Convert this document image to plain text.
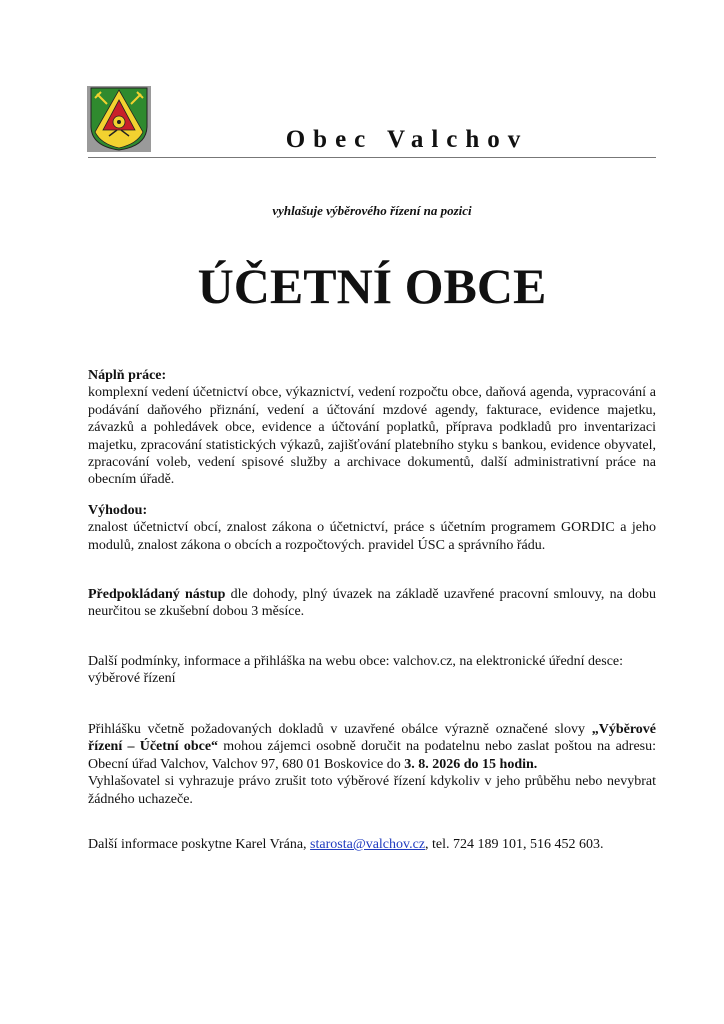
Obec Valchov
vyhlašuje výběrového řízení na pozici
ÚČETNÍ OBCE
Náplň práce:

komplexní vedení účetnictví obce, výkaznictví, vedení rozpočtu obce, daňová agenda, vypracování a podávání daňového přiznání, vedení a účtování mzdové agendy, fakturace, evidence majetku, závazků a pohledávek obce, evidence a účtování poplatků, příprava podkladů pro inventarizaci majetku, zpracování statistických výkazů, zajišťování platebního styku s bankou, evidence obyvatel, zpracování voleb, vedení spisové služby a archivace dokumentů, další administrativní práce na obecním úřadě.

Výhodou:

znalost účetnictví obcí, znalost zákona o účetnictví, práce s účetním programem GORDIC a jeho modulů, znalost zákona o obcích a rozpočtových. pravidel ÚSC a správního řádu.

Předpokládaný nástup dle dohody, plný úvazek na základě uzavřené pracovní smlouvy, na dobu neurčitou se zkušební dobou 3 měsíce.

Další podmínky, informace a přihláška na webu obce: valchov.cz, na elektronické úřední desce: výběrové řízení

Přihlášku včetně požadovaných dokladů v uzavřené obálce výrazně označené slovy „Výběrové řízení – Účetní obce“ mohou zájemci osobně doručit na podatelnu nebo zaslat poštou na adresu: Obecní úřad Valchov, Valchov 97, 680 01 Boskovice do 3. 8. 2026 do 15 hodin.

Vyhlašovatel si vyhrazuje právo zrušit toto výběrové řízení kdykoliv v jeho průběhu nebo nevybrat žádného uchazeče.

Další informace poskytne Karel Vrána, starosta@valchov.cz, tel. 724 189 101, 516 452 603.
